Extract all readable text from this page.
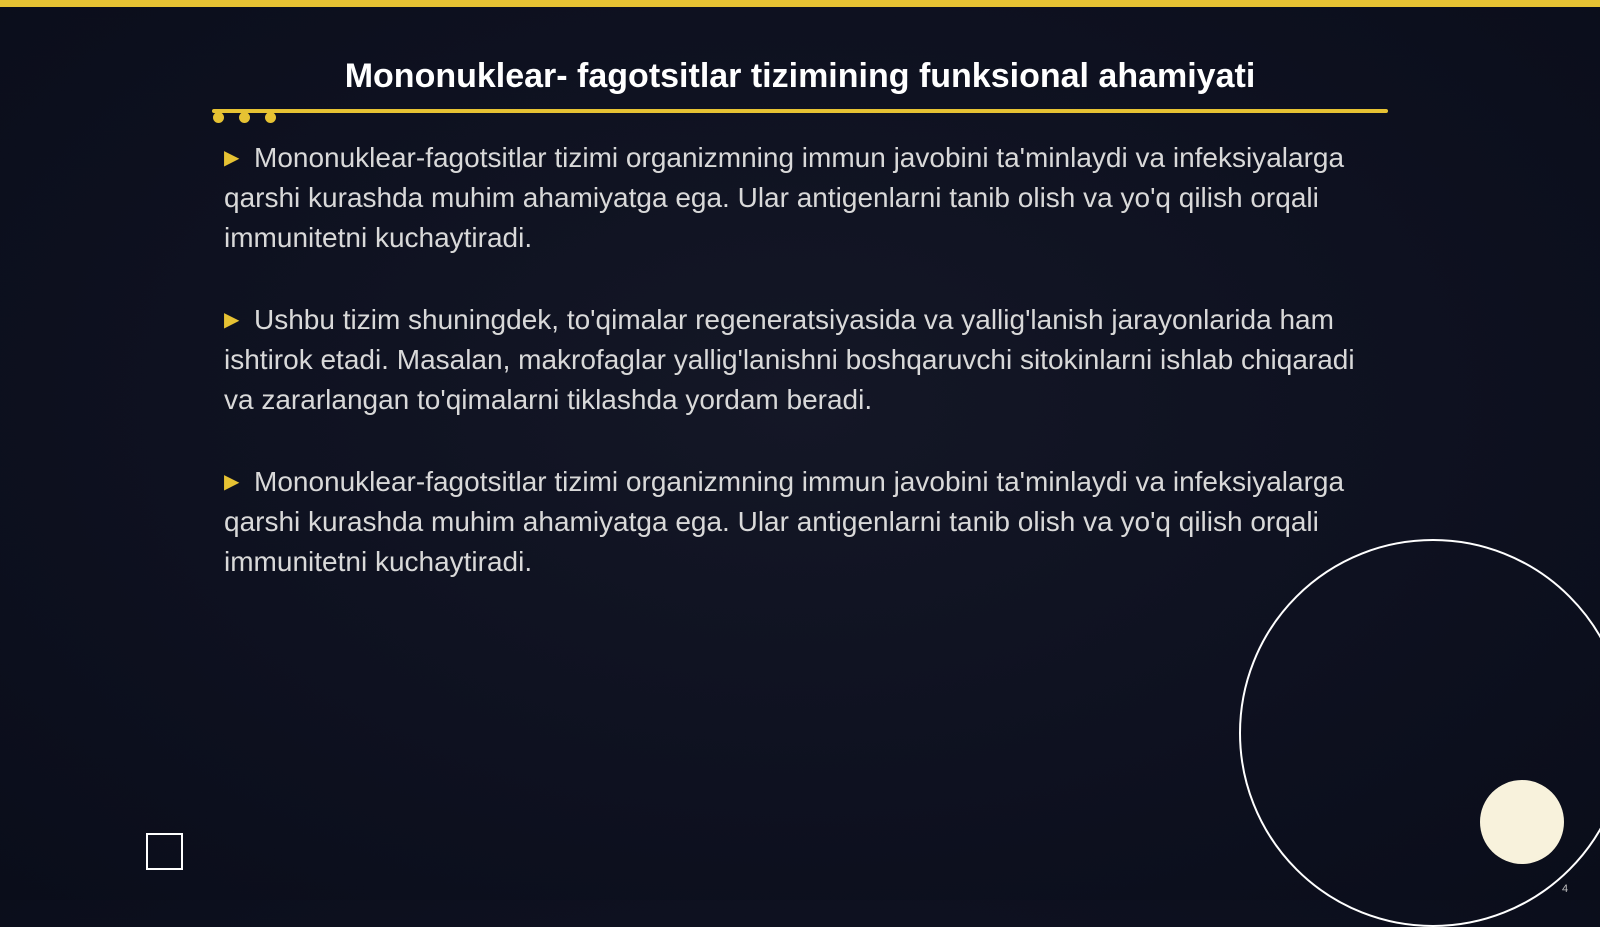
Mononuklear- fagotsitlar tizimining funksional ahamiyati

▶ Mononuklear-fagotsitlar tizimi organizmning immun javobini ta'minlaydi va infeksiyalarga qarshi kurashda muhim ahamiyatga ega. Ular antigenlarni tanib olish va yo'q qilish orqali immunitetni kuchaytiradi.

▶ Ushbu tizim shuningdek, to'qimalar regeneratsiyasida va yallig'lanish jarayonlarida ham ishtirok etadi. Masalan, makrofaglar yallig'lanishni boshqaruvchi sitokinlarni ishlab chiqaradi va zararlangan to'qimalarni tiklashda yordam beradi.

▶ Mononuklear-fagotsitlar tizimi organizmning immun javobini ta'minlaydi va infeksiyalarga qarshi kurashda muhim ahamiyatga ega. Ular antigenlarni tanib olish va yo'q qilish orqali immunitetni kuchaytiradi.

4
